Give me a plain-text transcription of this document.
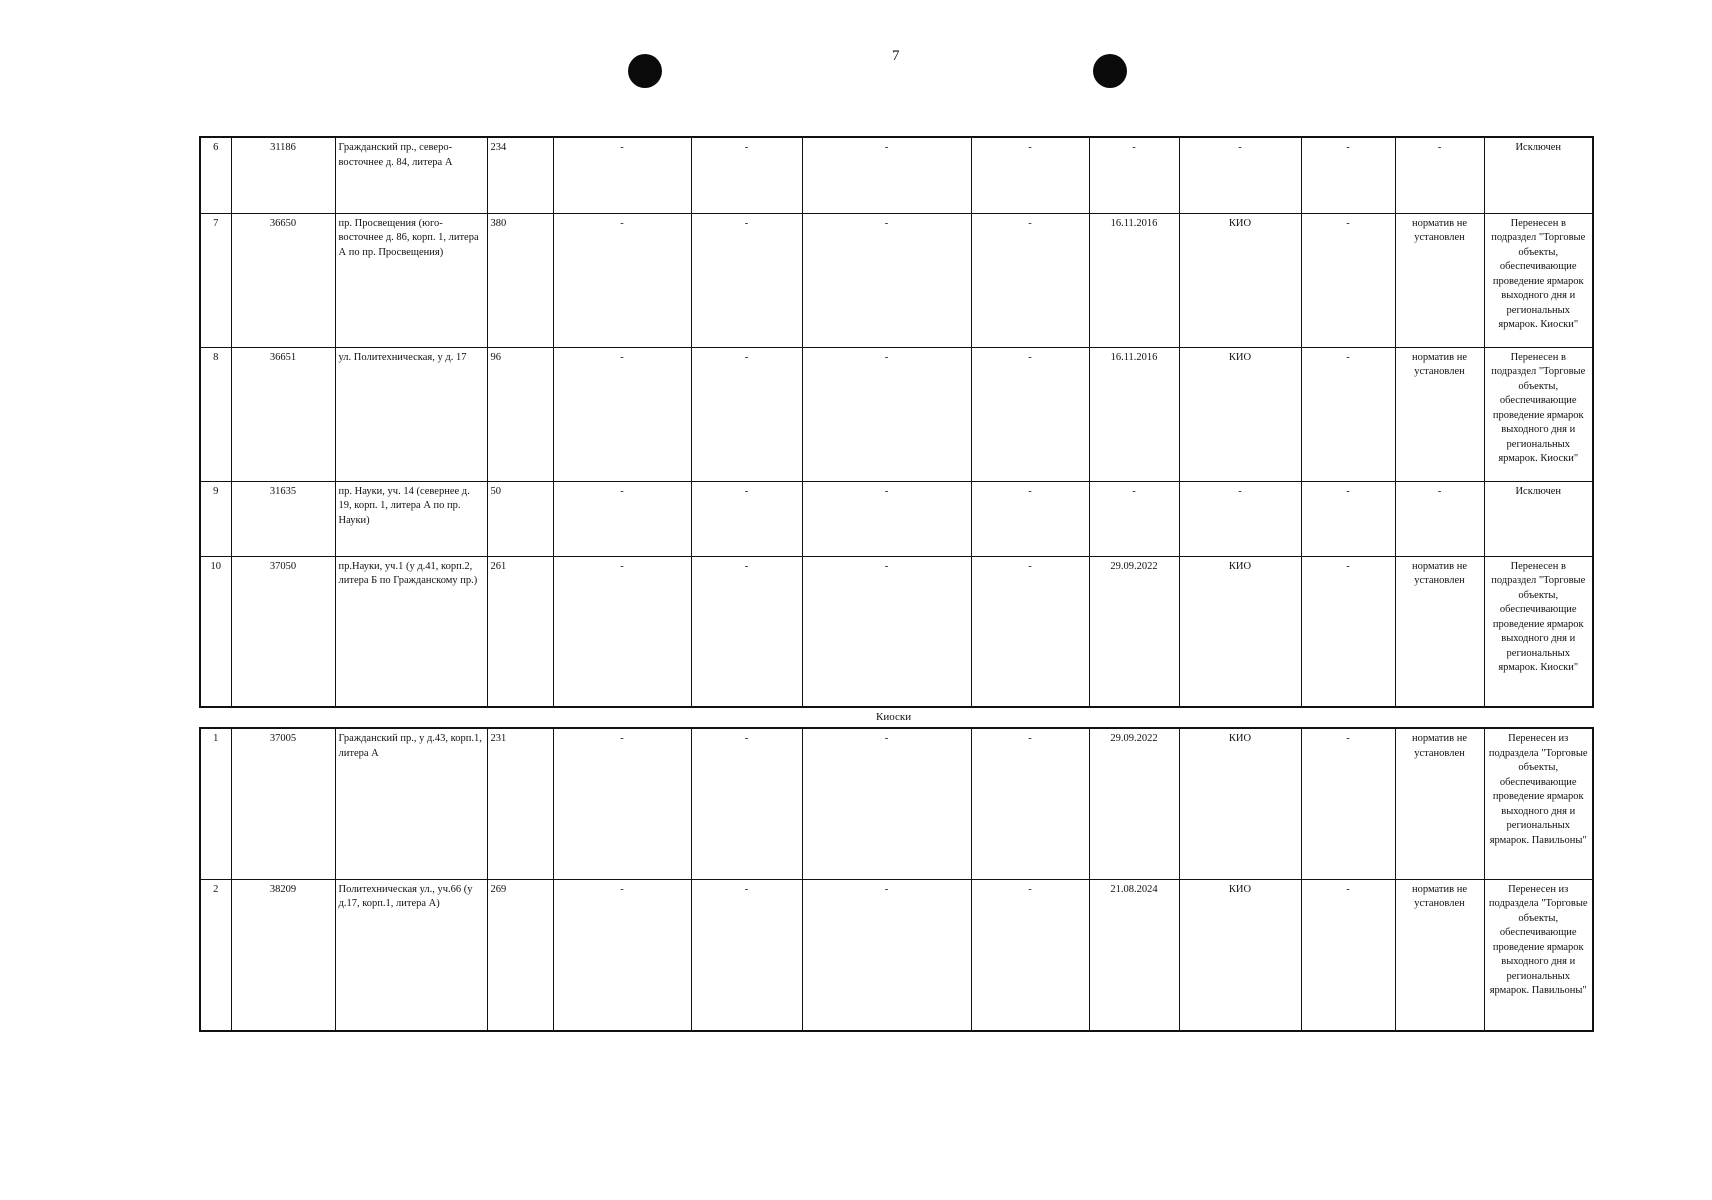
7
6	31186	Гражданский пр., северо-восточнее д. 84, литера А	234	-	-	-	-	-	-	-	-	Исключен
7	36650	пр. Просвещения (юго-восточнее д. 86, корп. 1, литера А по пр. Просвещения)	380	-	-	-	-	16.11.2016	КИО	-	норматив не установлен	Перенесен в подраздел "Торговые объекты, обеспечивающие проведение ярмарок выходного дня и региональных ярмарок. Киоски"
8	36651	ул. Политехническая, у д. 17	96	-	-	-	-	16.11.2016	КИО	-	норматив не установлен	Перенесен в подраздел "Торговые объекты, обеспечивающие проведение ярмарок выходного дня и региональных ярмарок. Киоски"
9	31635	пр. Науки, уч. 14 (севернее д. 19, корп. 1, литера А по пр. Науки)	50	-	-	-	-	-	-	-	-	Исключен
10	37050	пр.Науки, уч.1 (у д.41, корп.2, литера Б по Гражданскому пр.)	261	-	-	-	-	29.09.2022	КИО	-	норматив не установлен	Перенесен в подраздел "Торговые объекты, обеспечивающие проведение ярмарок выходного дня и региональных ярмарок. Киоски"
Киоски
1	37005	Гражданский пр., у д.43, корп.1, литера А	231	-	-	-	-	29.09.2022	КИО	-	норматив не установлен	Перенесен из подраздела "Торговые объекты, обеспечивающие проведение ярмарок выходного дня и региональных ярмарок. Павильоны"
2	38209	Политехническая ул., уч.66 (у д.17, корп.1, литера А)	269	-	-	-	-	21.08.2024	КИО	-	норматив не установлен	Перенесен из подраздела "Торговые объекты, обеспечивающие проведение ярмарок выходного дня и региональных ярмарок. Павильоны"
